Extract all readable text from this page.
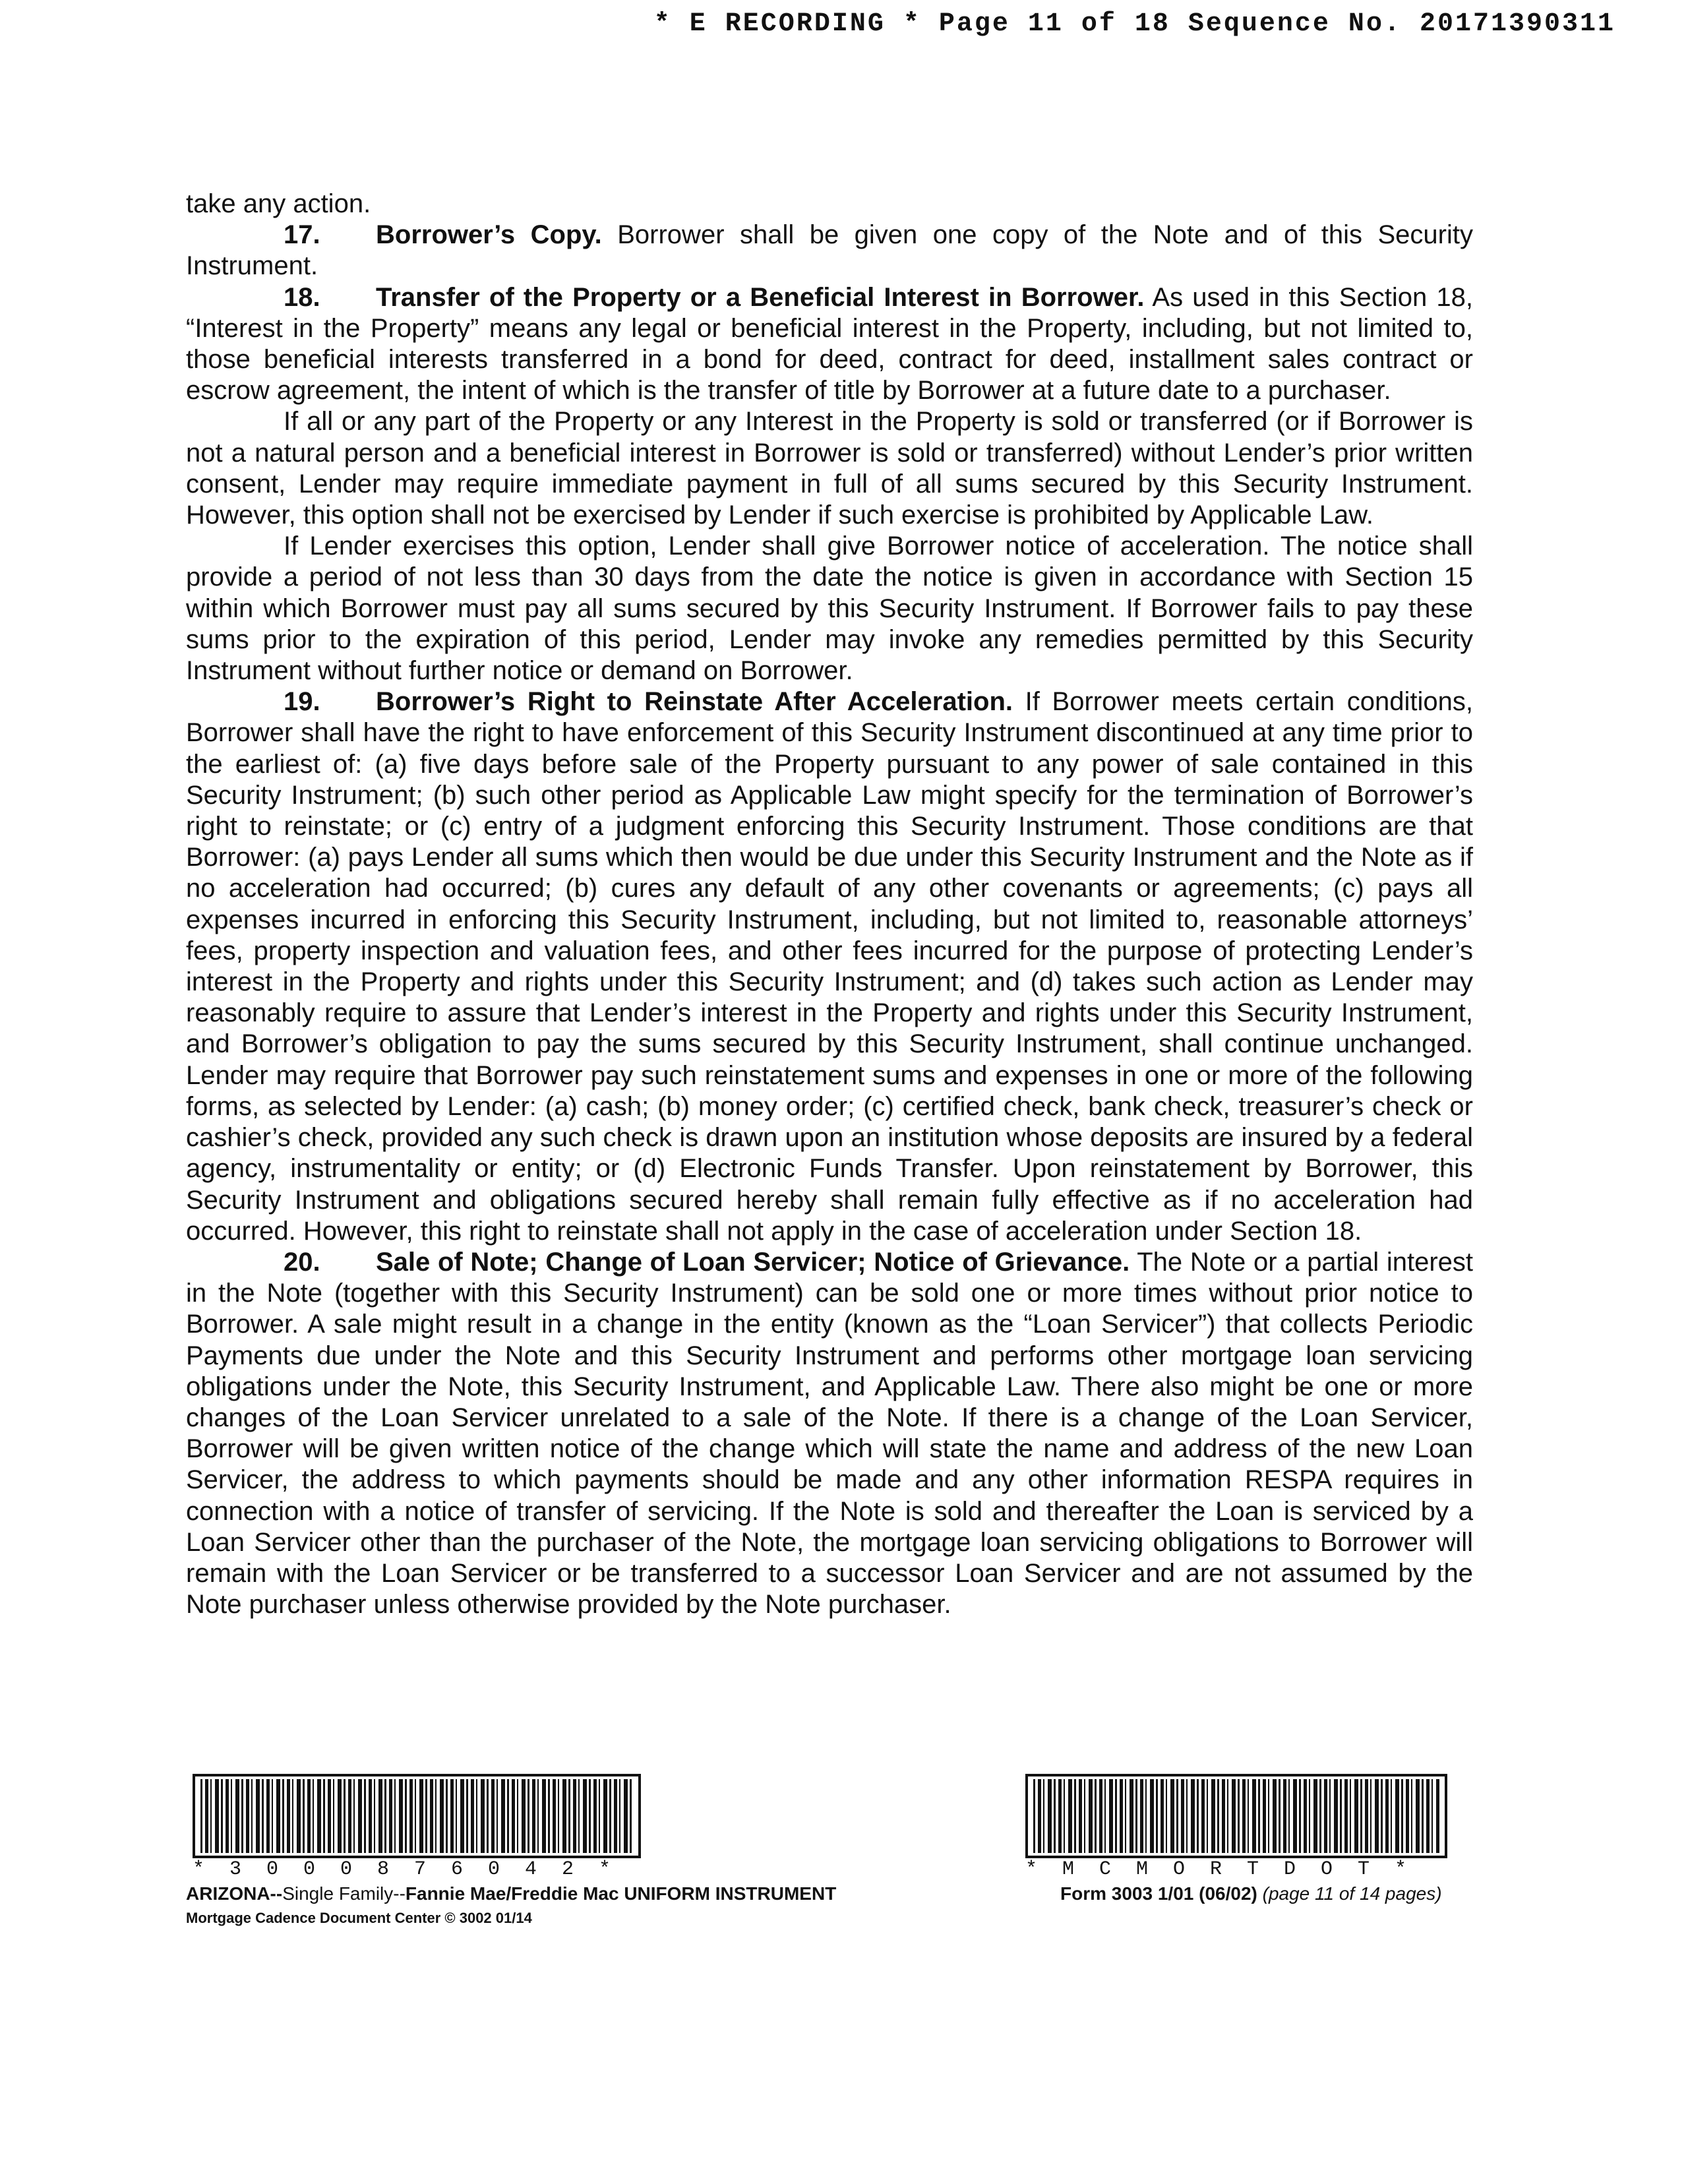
* E RECORDING * Page 11 of 18 Sequence No. 20171390311

take any action.

17. Borrower’s Copy. Borrower shall be given one copy of the Note and of this Security Instrument.

18. Transfer of the Property or a Beneficial Interest in Borrower. As used in this Section 18, “Interest in the Property” means any legal or beneficial interest in the Property, including, but not limited to, those beneficial interests transferred in a bond for deed, contract for deed, installment sales contract or escrow agreement, the intent of which is the transfer of title by Borrower at a future date to a purchaser.

If all or any part of the Property or any Interest in the Property is sold or transferred (or if Borrower is not a natural person and a beneficial interest in Borrower is sold or transferred) without Lender’s prior written consent, Lender may require immediate payment in full of all sums secured by this Security Instrument. However, this option shall not be exercised by Lender if such exercise is prohibited by Applicable Law.

If Lender exercises this option, Lender shall give Borrower notice of acceleration. The notice shall provide a period of not less than 30 days from the date the notice is given in accordance with Section 15 within which Borrower must pay all sums secured by this Security Instrument. If Borrower fails to pay these sums prior to the expiration of this period, Lender may invoke any remedies permitted by this Security Instrument without further notice or demand on Borrower.

19. Borrower’s Right to Reinstate After Acceleration. If Borrower meets certain conditions, Borrower shall have the right to have enforcement of this Security Instrument discontinued at any time prior to the earliest of: (a) five days before sale of the Property pursuant to any power of sale contained in this Security Instrument; (b) such other period as Applicable Law might specify for the termination of Borrower’s right to reinstate; or (c) entry of a judgment enforcing this Security Instrument. Those conditions are that Borrower: (a) pays Lender all sums which then would be due under this Security Instrument and the Note as if no acceleration had occurred; (b) cures any default of any other covenants or agreements; (c) pays all expenses incurred in enforcing this Security Instrument, including, but not limited to, reasonable attorneys’ fees, property inspection and valuation fees, and other fees incurred for the purpose of protecting Lender’s interest in the Property and rights under this Security Instrument; and (d) takes such action as Lender may reasonably require to assure that Lender’s interest in the Property and rights under this Security Instrument, and Borrower’s obligation to pay the sums secured by this Security Instrument, shall continue unchanged. Lender may require that Borrower pay such reinstatement sums and expenses in one or more of the following forms, as selected by Lender: (a) cash; (b) money order; (c) certified check, bank check, treasurer’s check or cashier’s check, provided any such check is drawn upon an institution whose deposits are insured by a federal agency, instrumentality or entity; or (d) Electronic Funds Transfer. Upon reinstatement by Borrower, this Security Instrument and obligations secured hereby shall remain fully effective as if no acceleration had occurred. However, this right to reinstate shall not apply in the case of acceleration under Section 18.

20. Sale of Note; Change of Loan Servicer; Notice of Grievance. The Note or a partial interest in the Note (together with this Security Instrument) can be sold one or more times without prior notice to Borrower. A sale might result in a change in the entity (known as the “Loan Servicer”) that collects Periodic Payments due under the Note and this Security Instrument and performs other mortgage loan servicing obligations under the Note, this Security Instrument, and Applicable Law. There also might be one or more changes of the Loan Servicer unrelated to a sale of the Note. If there is a change of the Loan Servicer, Borrower will be given written notice of the change which will state the name and address of the new Loan Servicer, the address to which payments should be made and any other information RESPA requires in connection with a notice of transfer of servicing. If the Note is sold and thereafter the Loan is serviced by a Loan Servicer other than the purchaser of the Note, the mortgage loan servicing obligations to Borrower will remain with the Loan Servicer or be transferred to a successor Loan Servicer and are not assumed by the Note purchaser unless otherwise provided by the Note purchaser.

*3000876042*	*MCMORTDOT*
ARIZONA--Single Family--Fannie Mae/Freddie Mac UNIFORM INSTRUMENT
Mortgage Cadence Document Center © 3002 01/14
Form 3003 1/01 (06/02) (page 11 of 14 pages)
